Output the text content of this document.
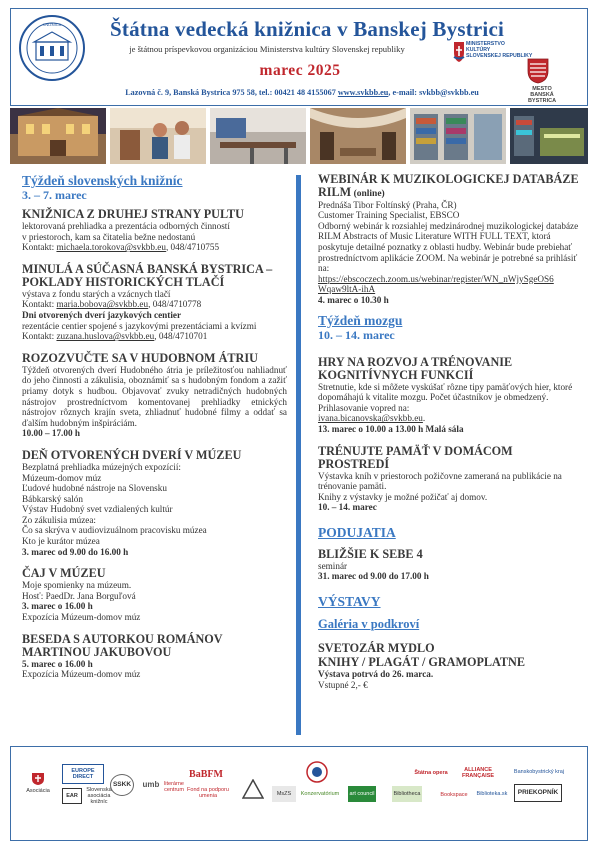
KNIŽNICA	Štátna vedecká knižnica v Banskej Bystrici
je štátnou príspevkovou organizáciou Ministerstva kultúry Slovenskej republiky	MINISTERSTVO
KULTÚRY
SLOVENSKEJ REPUBLIKY
marec 2025
Lazovná č. 9, Banská Bystrica 975 58, tel.: 00421 48 4155067 www.svkbb.eu, e-mail: svkbb@svkbb.eu	MESTO
BANSKÁ BYSTRICA
Týždeň slovenských knižníc
3. – 7. marec
KNIŽNICA Z DRUHEJ STRANY PULTU
lektorovaná prehliadka a prezentácia odborných činností
v priestoroch, kam sa čitatelia bežne nedostanú
Kontakt: michaela.torokova@svkbb.eu, 048/4710755
MINULÁ A SÚČASNÁ BANSKÁ BYSTRICA – POKLADY HISTORICKÝCH TLAČÍ
výstava z fondu starých a vzácnych tlačí
Kontakt: maria.bobova@svkbb.eu, 048/4710778
Dni otvorených dverí jazykových centier
rezentácie centier spojené s jazykovými prezentáciami a kvízmi
Kontakt: zuzana.huslova@svkbb.eu, 048/4710701
ROZOZVUČTE SA V HUDOBNOM ÁTRIU
Týždeň otvorených dverí Hudobného átria je príležitosťou nahliadnuť do jeho činnosti a zákulisia, oboznámiť sa s hudobným fondom a zažiť priamy dotyk s hudbou. Objavovať zvuky netradičných hudobných nástrojov prostredníctvom komentovanej prehliadky etnických nástrojov rôznych krajín sveta, zhliadnuť hudobné filmy a oddať sa ďalším hudobným inšpiráciám.
10.00 – 17.00 h
DEŇ OTVORENÝCH DVERÍ V MÚZEU
Bezplatná prehliadka múzejných expozícií:
Múzeum-domov múz
Ľudové hudobné nástroje na Slovensku
Bábkarský salón
Výstav Hudobný svet vzdialených kultúr
Zo zákulisia múzea:
Čo sa skrýva v audiovizuálnom pracovisku múzea
Kto je kurátor múzea
3. marec od 9.00 do 16.00 h
ČAJ V MÚZEU
Moje spomienky na múzeum.
Hosť: PaedDr. Jana Borguľová
3. marec o 16.00 h
Expozícia Múzeum-domov múz
BESEDA S AUTORKOU ROMÁNOV MARTINOU JAKUBOVOU
5. marec o 16.00 h
Expozícia Múzeum-domov múz
WEBINÁR K MUZIKOLOGICKEJ DATABÁZE RILM (online)
Prednáša Tibor Foltínský (Praha, ČR)
Customer Training Specialist, EBSCO
Odborný webinár k rozsiahlej medzinárodnej muzikologickej databáze RILM Abstracts of Music Literature WITH FULL TEXT, ktorá poskytuje detailné poznatky z oblasti hudby. Webinár bude prebiehať prostredníctvom aplikácie ZOOM. Na webinár je potrebné sa prihlásiť na:
https://ebscoczech.zoom.us/webinar/register/WN_nWjySgeOS6
Wqaw9ltA-ihA
4. marec o 10.30 h
Týždeň mozgu
10. – 14. marec
HRY NA ROZVOJ A TRÉNOVANIE KOGNITÍVNYCH FUNKCIÍ
Stretnutie, kde si môžete vyskúšať rôzne tipy pamäťových hier, ktoré dopomáhajú k vitalite mozgu. Počet účastníkov je obmedzený. Prihlasovanie vopred na:
ivana.bicanovska@svkbb.eu.
13. marec o 10.00 a 13.00 h Malá sála
TRÉNUJTE PAMÄŤ V DOMÁCOM PROSTREDÍ
Výstavka kníh v priestoroch požičovne zameraná na publikácie na trénovanie pamäti.
Knihy z výstavky je možné požičať aj domov.
10. – 14. marec
PODUJATIA
BLIŽŠIE K SEBE 4
seminár
31. marec od 9.00 do 17.00 h
VÝSTAVY
Galéria v podkroví
SVETOZÁR MYDLO
KNIHY / PLAGÁT / GRAMOPLATNE
Výstava potrvá do 26. marca.
Vstupné 2,- €
Asociácia
EUROPE DIRECT
EAR
Slovenská asociácia knižníc
SSKK	umb literárne centrum
BaBFM
Fond na podporu umenia	MsZS	Konzervatórium art council	Bibliotheca
Štátna opera	ALLIANCE FRANÇAISE
Banskobystrický kraj
Bookspace	Biblioteka.sk	PRIEKOPNÍK
